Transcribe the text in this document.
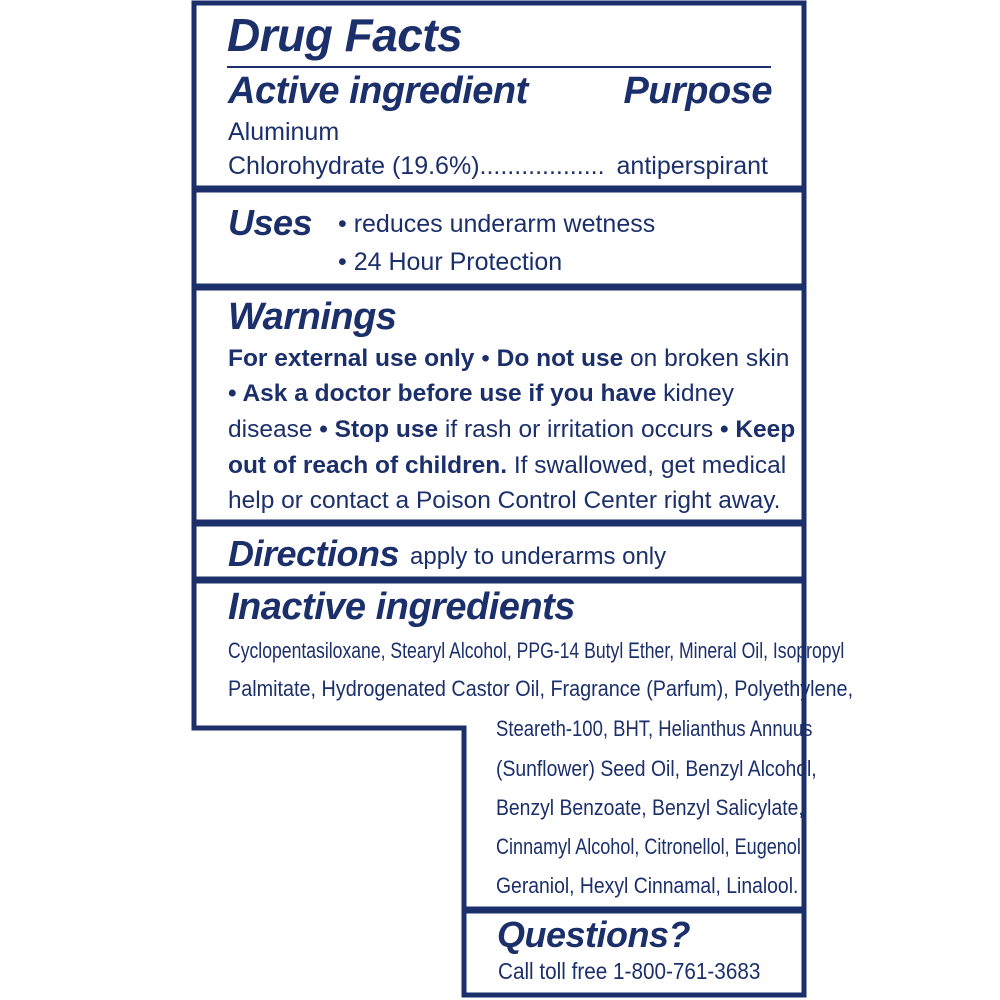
Drug Facts
Active ingredient	Purpose
Aluminum
Chlorohydrate (19.6%).................. antiperspirant
Uses • reduces underarm wetness
• 24 Hour Protection
Warnings
For external use only • Do not use on broken skin
• Ask a doctor before use if you have kidney
disease • Stop use if rash or irritation occurs • Keep
out of reach of children. If swallowed, get medical
help or contact a Poison Control Center right away.
Directions apply to underarms only
Inactive ingredients
Cyclopentasiloxane, Stearyl Alcohol, PPG-14 Butyl Ether, Mineral Oil, Isopropyl
Palmitate, Hydrogenated Castor Oil, Fragrance (Parfum), Polyethylene,
Steareth-100, BHT, Helianthus Annuus
(Sunflower) Seed Oil, Benzyl Alcohol,
Benzyl Benzoate, Benzyl Salicylate,
Cinnamyl Alcohol, Citronellol, Eugenol,
Geraniol, Hexyl Cinnamal, Linalool.
Questions?
Call toll free 1-800-761-3683
